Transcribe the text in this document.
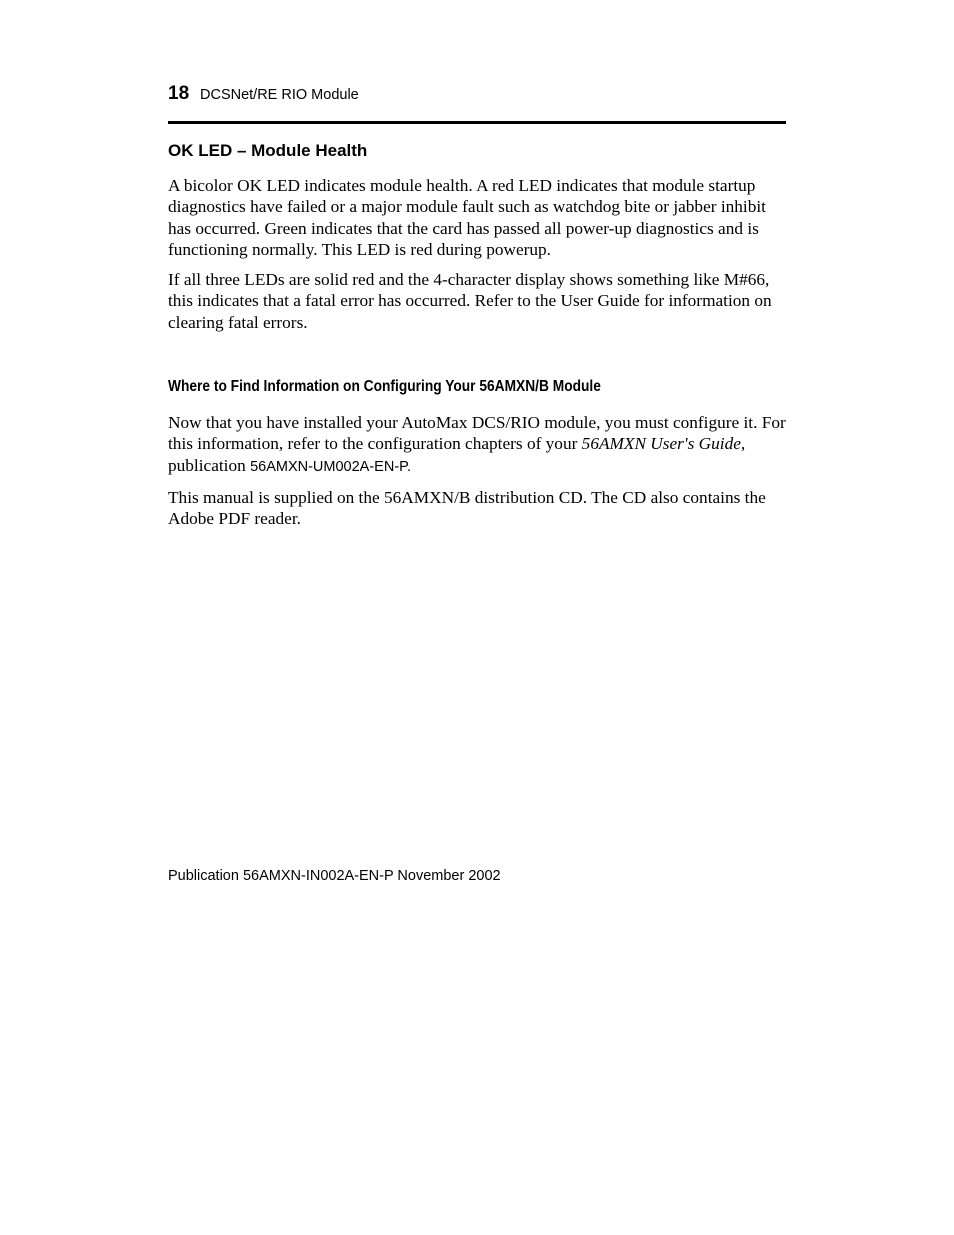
18 DCSNet/RE RIO Module
OK LED – Module Health

A bicolor OK LED indicates module health. A red LED indicates that module startup diagnostics have failed or a major module fault such as watchdog bite or jabber inhibit has occurred. Green indicates that the card has passed all power-up diagnostics and is functioning normally. This LED is red during powerup.

If all three LEDs are solid red and the 4-character display shows something like M#66, this indicates that a fatal error has occurred. Refer to the User Guide for information on clearing fatal errors.

Where to Find Information on Configuring Your 56AMXN/B Module

Now that you have installed your AutoMax DCS/RIO module, you must configure it. For this information, refer to the configuration chapters of your 56AMXN User's Guide, publication 56AMXN-UM002A-EN-P.

This manual is supplied on the 56AMXN/B distribution CD. The CD also contains the Adobe PDF reader.

Publication 56AMXN-IN002A-EN-P November 2002
